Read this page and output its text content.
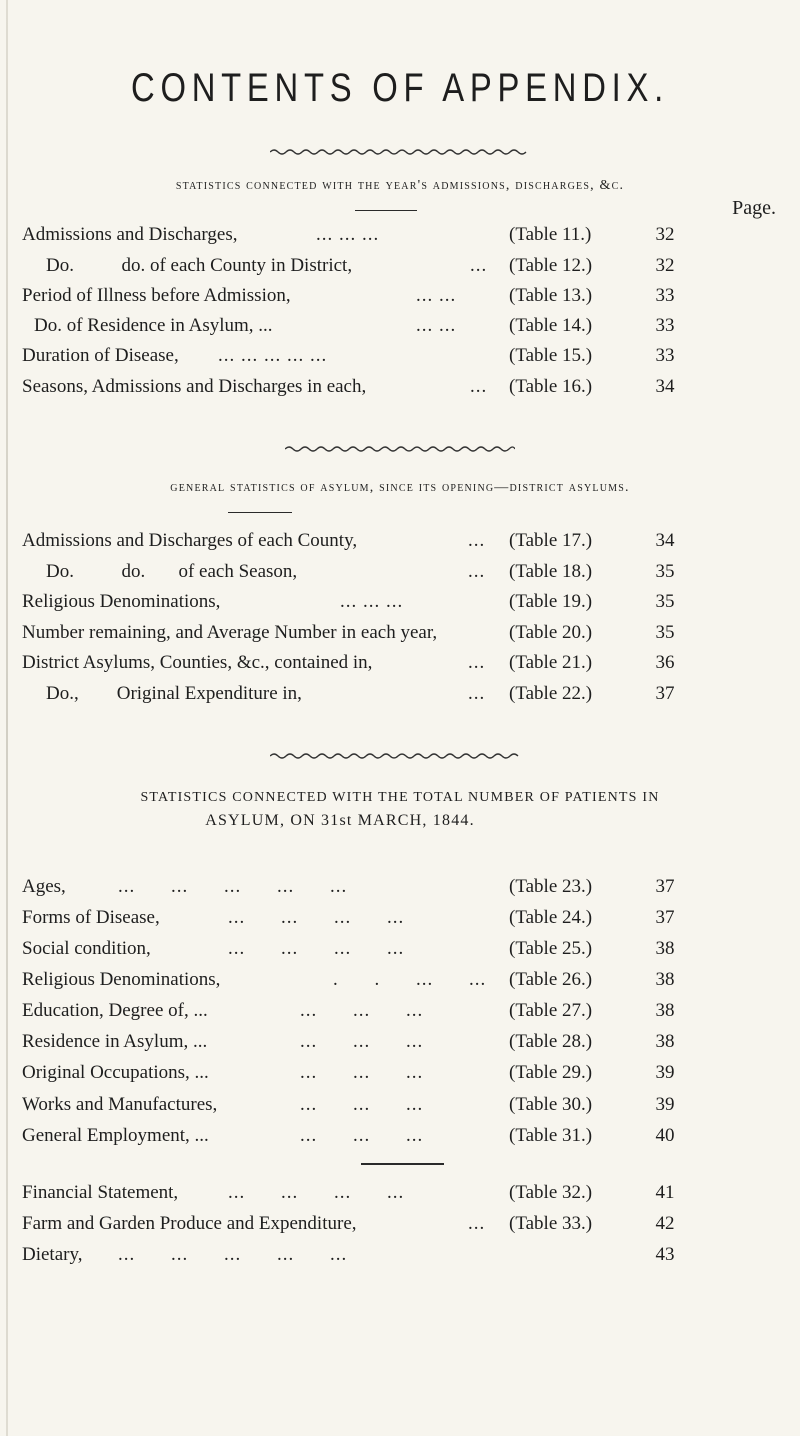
CONTENTS OF APPENDIX.
statistics connected with the year's admissions, discharges, &c.
Page.
Admissions and Discharges,	... ... ...	(Table 11.)	32
Do.          do. of each County in District,	... (Table 12.)	32
Period of Illness before Admission,	... ...	(Table 13.)	33
Do. of Residence in Asylum, ...	... ...	(Table 14.)	33
Duration of Disease, ... ... ... ... ...	(Table 15.)	33
Seasons, Admissions and Discharges in each,	... (Table 16.)	34
general statistics of asylum, since its opening—district asylums.
Admissions and Discharges of each County,	... (Table 17.)	34
Do.          do.       of each Season,	... (Table 18.)	35
Religious Denominations,	... ... ...	(Table 19.)	35
Number remaining, and Average Number in each year,	(Table 20.)	35
District Asylums, Counties, &c., contained in,	... (Table 21.)	36
Do.,        Original Expenditure in,	... (Table 22.)	37
STATISTICS CONNECTED WITH THE TOTAL NUMBER OF PATIENTS IN
ASYLUM, ON 31st MARCH, 1844.
Ages,	... ... ... ... ...	(Table 23.)	37
Forms of Disease,	... ... ... ...	(Table 24.)	37
Social condition,	... ... ... ...	(Table 25.)	38
Religious Denominations,	. . ... ... (Table 26.)	38
Education, Degree of, ...	... ... ...	(Table 27.)	38
Residence in Asylum, ...	... ... ...	(Table 28.)	38
Original Occupations, ...	... ... ...	(Table 29.)	39
Works and Manufactures,	... ... ...	(Table 30.)	39
General Employment, ...	... ... ...	(Table 31.)	40
Financial Statement,	... ... ... ...	(Table 32.)	41
Farm and Garden Produce and Expenditure,	... (Table 33.)	42
Dietary, ... ... ... ... ...	43
